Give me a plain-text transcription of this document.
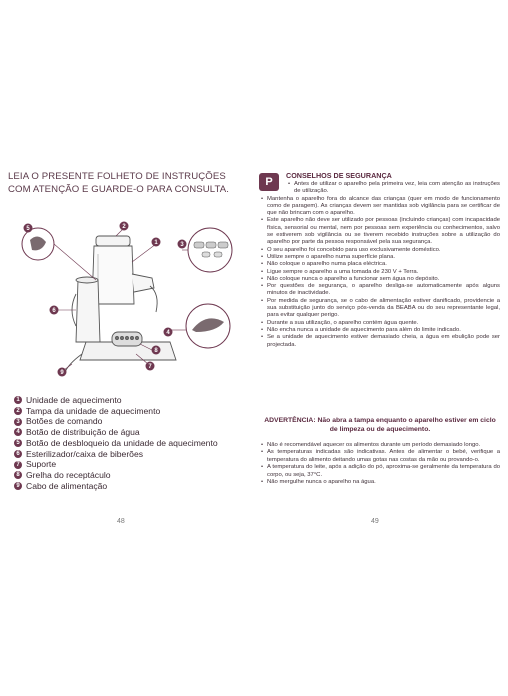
LEIA O PRESENTE FOLHETO DE INSTRUÇÕES COM ATENÇÃO E GUARDE-O PARA CONSULTA.
1
2
3
4
5
6
7
8
9
1 Unidade de aquecimento
2 Tampa da unidade de aquecimento
3 Botões de comando
4 Botão de distribuição de água
5 Botão de desbloqueio da unidade de aquecimento
6 Esterilizador/caixa de biberões
7 Suporte
8 Grelha do receptáculo
9 Cabo de alimentação
48
P
CONSELHOS DE SEGURANÇA
• Antes de utilizar o aparelho pela primeira vez, leia com atenção as instruções de utilização.
• Mantenha o aparelho fora do alcance das crianças (quer em modo de funcionamento como de paragem). As crianças devem ser mantidas sob vigilância para se certificar de que não brincam com o aparelho.
• Este aparelho não deve ser utilizado por pessoas (incluindo crianças) com incapacidade física, sensorial ou mental, nem por pessoas sem experiência ou conhecimentos, salvo se estiverem sob vigilância ou se tiverem recebido instruções sobre a utilização do aparelho por parte da pessoa responsável pela sua segurança.
• O seu aparelho foi concebido para uso exclusivamente doméstico.
• Utilize sempre o aparelho numa superfície plana.
• Não coloque o aparelho numa placa eléctrica.
• Ligue sempre o aparelho a uma tomada de 230 V + Terra.
• Não coloque nunca o aparelho a funcionar sem água no depósito.
• Por questões de segurança, o aparelho desliga-se automaticamente após alguns minutos de inactividade.
• Por medida de segurança, se o cabo de alimentação estiver danificado, providencie a sua substituição junto do serviço pós-venda da BEABA ou do seu representante legal, para evitar qualquer perigo.
• Durante a sua utilização, o aparelho contém água quente.
• Não encha nunca a unidade de aquecimento para além do limite indicado.
• Se a unidade de aquecimento estiver demasiado cheia, a água em ebulição pode ser projectada.
ADVERTÊNCIA: Não abra a tampa enquanto o aparelho estiver em ciclo de limpeza ou de aquecimento.
• Não é recomendável aquecer os alimentos durante um período demasiado longo.
• As temperaturas indicadas são indicativas. Antes de alimentar o bebé, verifique a temperatura do alimento deitando umas gotas nas costas da mão ou provando-o.
• A temperatura do leite, após a adição do pó, aproxima-se geralmente da temperatura do corpo, ou seja, 37°C.
• Não mergulhe nunca o aparelho na água.
49
